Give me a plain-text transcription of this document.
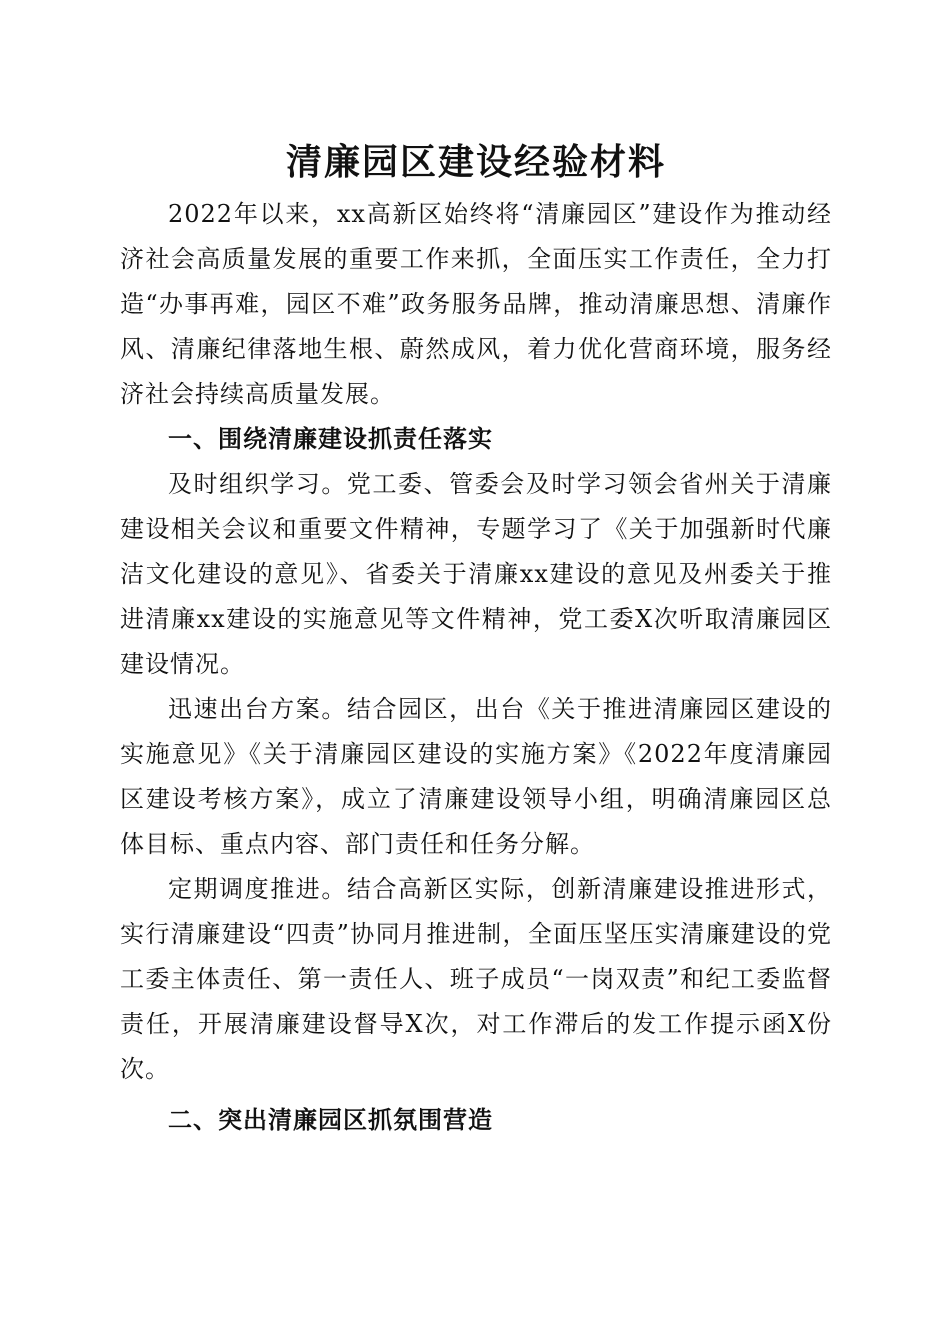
清廉园区建设经验材料

2022年以来，xx高新区始终将“清廉园区”建设作为推动经济社会高质量发展的重要工作来抓，全面压实工作责任，全力打造“办事再难，园区不难”政务服务品牌，推动清廉思想、清廉作风、清廉纪律落地生根、蔚然成风，着力优化营商环境，服务经济社会持续高质量发展。

一、围绕清廉建设抓责任落实

及时组织学习。党工委、管委会及时学习领会省州关于清廉建设相关会议和重要文件精神，专题学习了《关于加强新时代廉洁文化建设的意见》、省委关于清廉xx建设的意见及州委关于推进清廉xx建设的实施意见等文件精神，党工委X次听取清廉园区建设情况。

迅速出台方案。结合园区，出台《关于推进清廉园区建设的实施意见》《关于清廉园区建设的实施方案》《2022年度清廉园区建设考核方案》，成立了清廉建设领导小组，明确清廉园区总体目标、重点内容、部门责任和任务分解。

定期调度推进。结合高新区实际，创新清廉建设推进形式，实行清廉建设“四责”协同月推进制，全面压坚压实清廉建设的党工委主体责任、第一责任人、班子成员“一岗双责”和纪工委监督责任，开展清廉建设督导X次，对工作滞后的发工作提示函X份次。

二、突出清廉园区抓氛围营造
